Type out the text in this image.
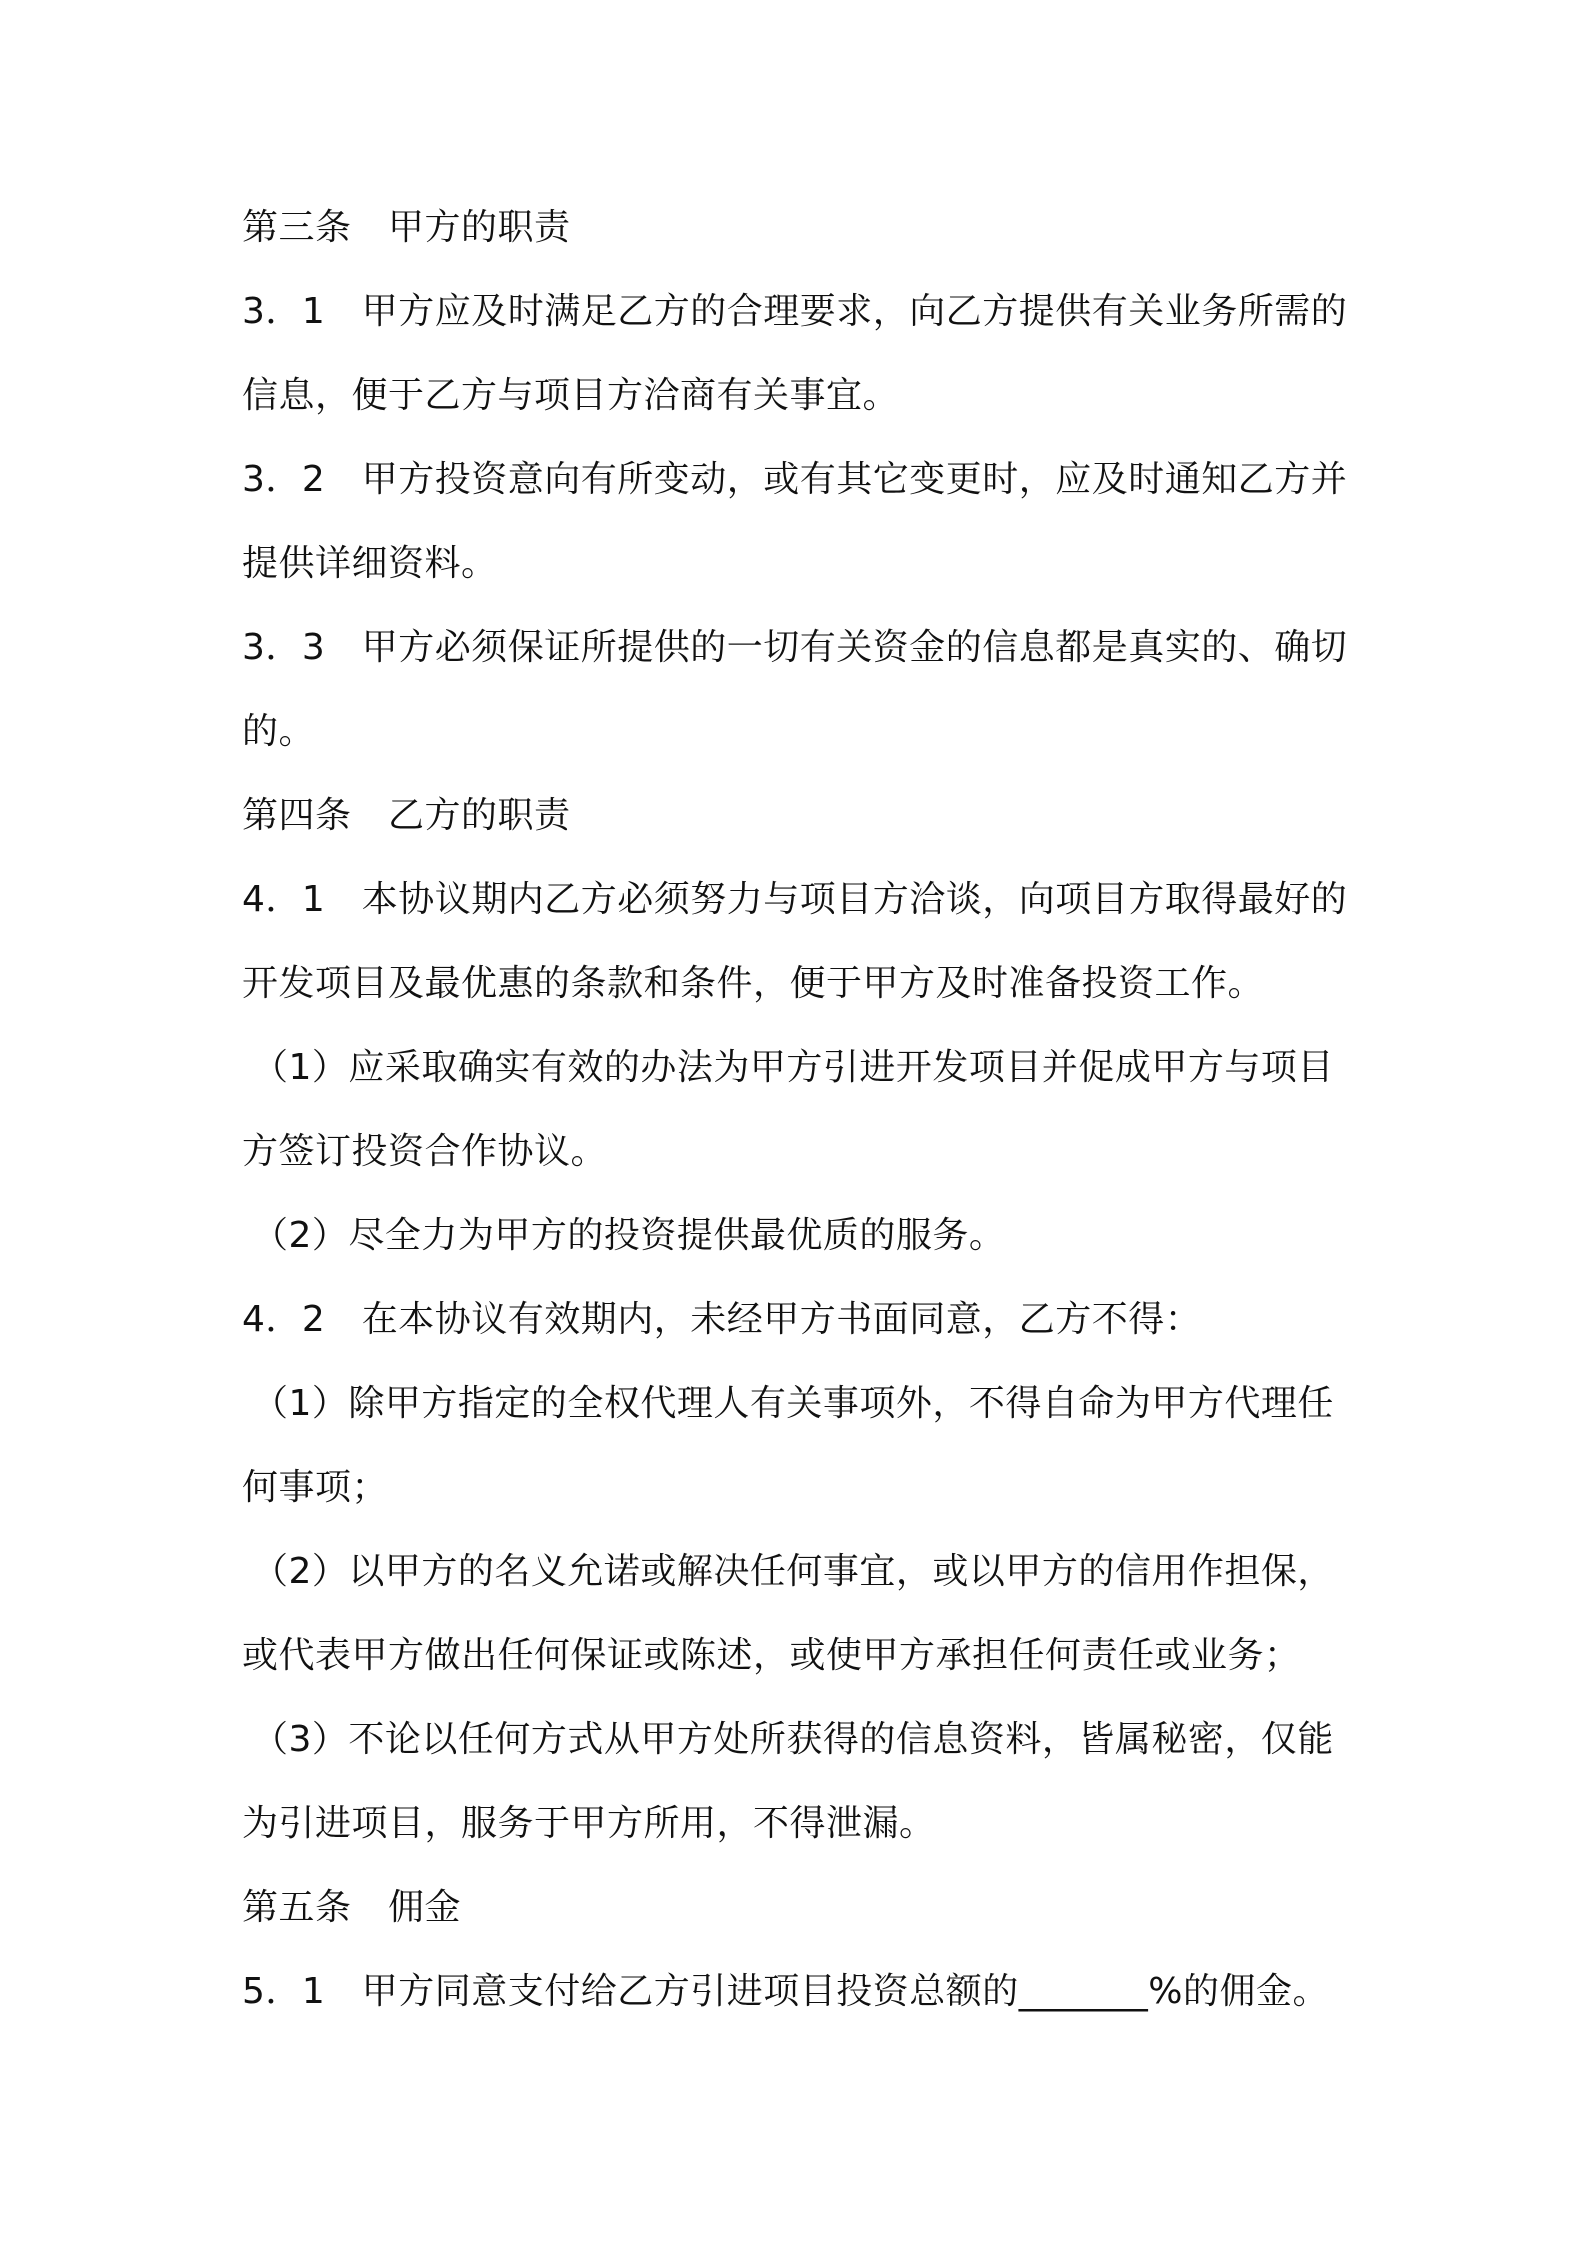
第三条　甲方的职责
3．1　甲方应及时满足乙方的合理要求，向乙方提供有关业务所需的
信息，便于乙方与项目方洽商有关事宜。
3．2　甲方投资意向有所变动，或有其它变更时，应及时通知乙方并
提供详细资料。
3．3　甲方必须保证所提供的一切有关资金的信息都是真实的、确切
的。
第四条　乙方的职责
4．1　本协议期内乙方必须努力与项目方洽谈，向项目方取得最好的
开发项目及最优惠的条款和条件，便于甲方及时准备投资工作。
（1）应采取确实有效的办法为甲方引进开发项目并促成甲方与项目
方签订投资合作协议。
（2）尽全力为甲方的投资提供最优质的服务。
4．2　在本协议有效期内，未经甲方书面同意，乙方不得：
（1）除甲方指定的全权代理人有关事项外，不得自命为甲方代理任
何事项；
（2）以甲方的名义允诺或解决任何事宜，或以甲方的信用作担保，
或代表甲方做出任何保证或陈述，或使甲方承担任何责任或业务；
（3）不论以任何方式从甲方处所获得的信息资料，皆属秘密，仅能
为引进项目，服务于甲方所用，不得泄漏。
第五条　佣金
5．1　甲方同意支付给乙方引进项目投资总额的_______%的佣金。
